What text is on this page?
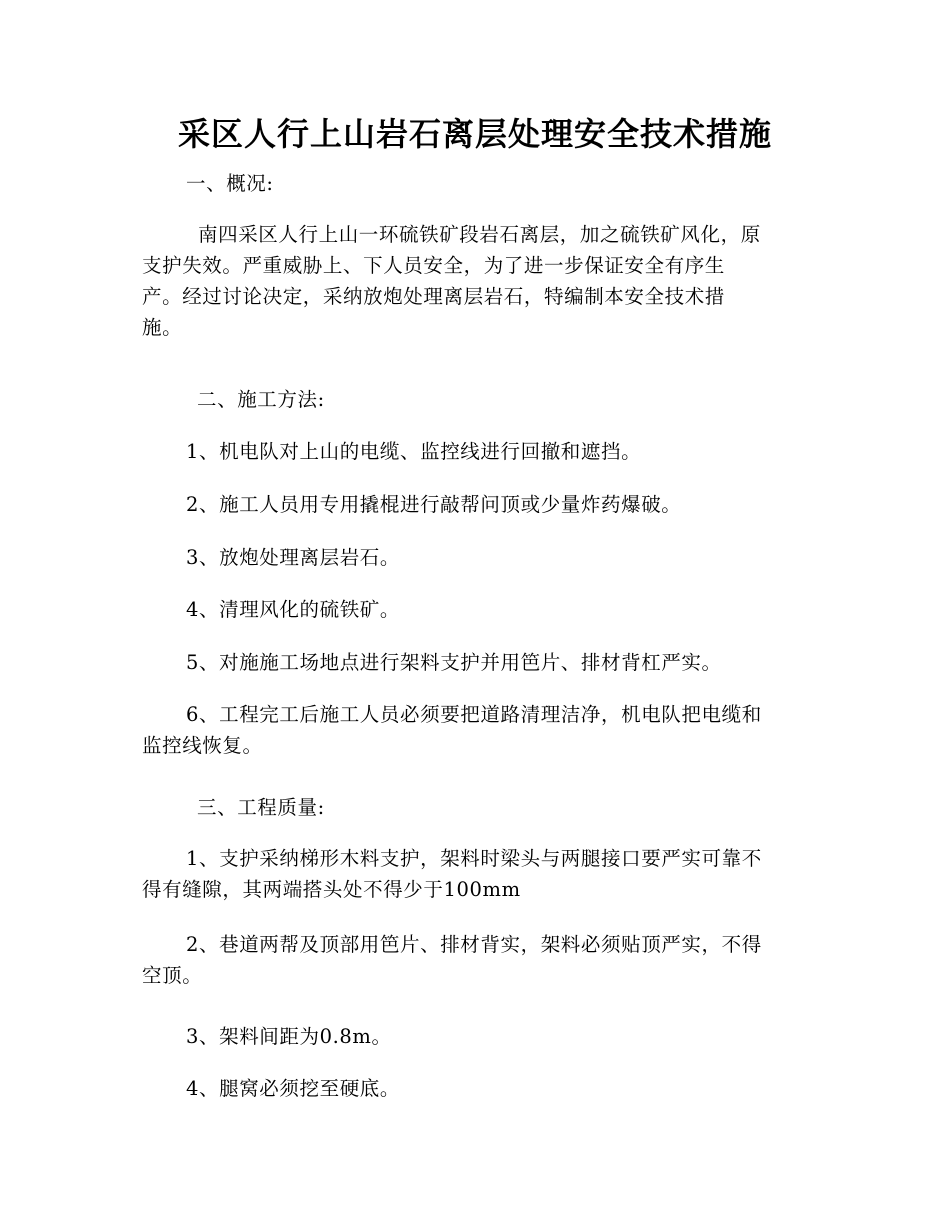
采区人行上山岩石离层处理安全技术措施

一、概况:

南四采区人行上山一环硫铁矿段岩石离层，加之硫铁矿风化，原
支护失效。严重威胁上、下人员安全，为了进一步保证安全有序生
产。经过讨论决定，采纳放炮处理离层岩石，特编制本安全技术措
施。

二、施工方法:

1、机电队对上山的电缆、监控线进行回撤和遮挡。

2、施工人员用专用撬棍进行敲帮问顶或少量炸药爆破。

3、放炮处理离层岩石。

4、清理风化的硫铁矿。

5、对施施工场地点进行架料支护并用笆片、排材背杠严实。

6、工程完工后施工人员必须要把道路清理洁净，机电队把电缆和
监控线恢复。

三、工程质量:

1、支护采纳梯形木料支护，架料时梁头与两腿接口要严实可靠不
得有缝隙，其两端搭头处不得少于100mm

2、巷道两帮及顶部用笆片、排材背实，架料必须贴顶严实，不得
空顶。

3、架料间距为0.8m。

4、腿窝必须挖至硬底。
